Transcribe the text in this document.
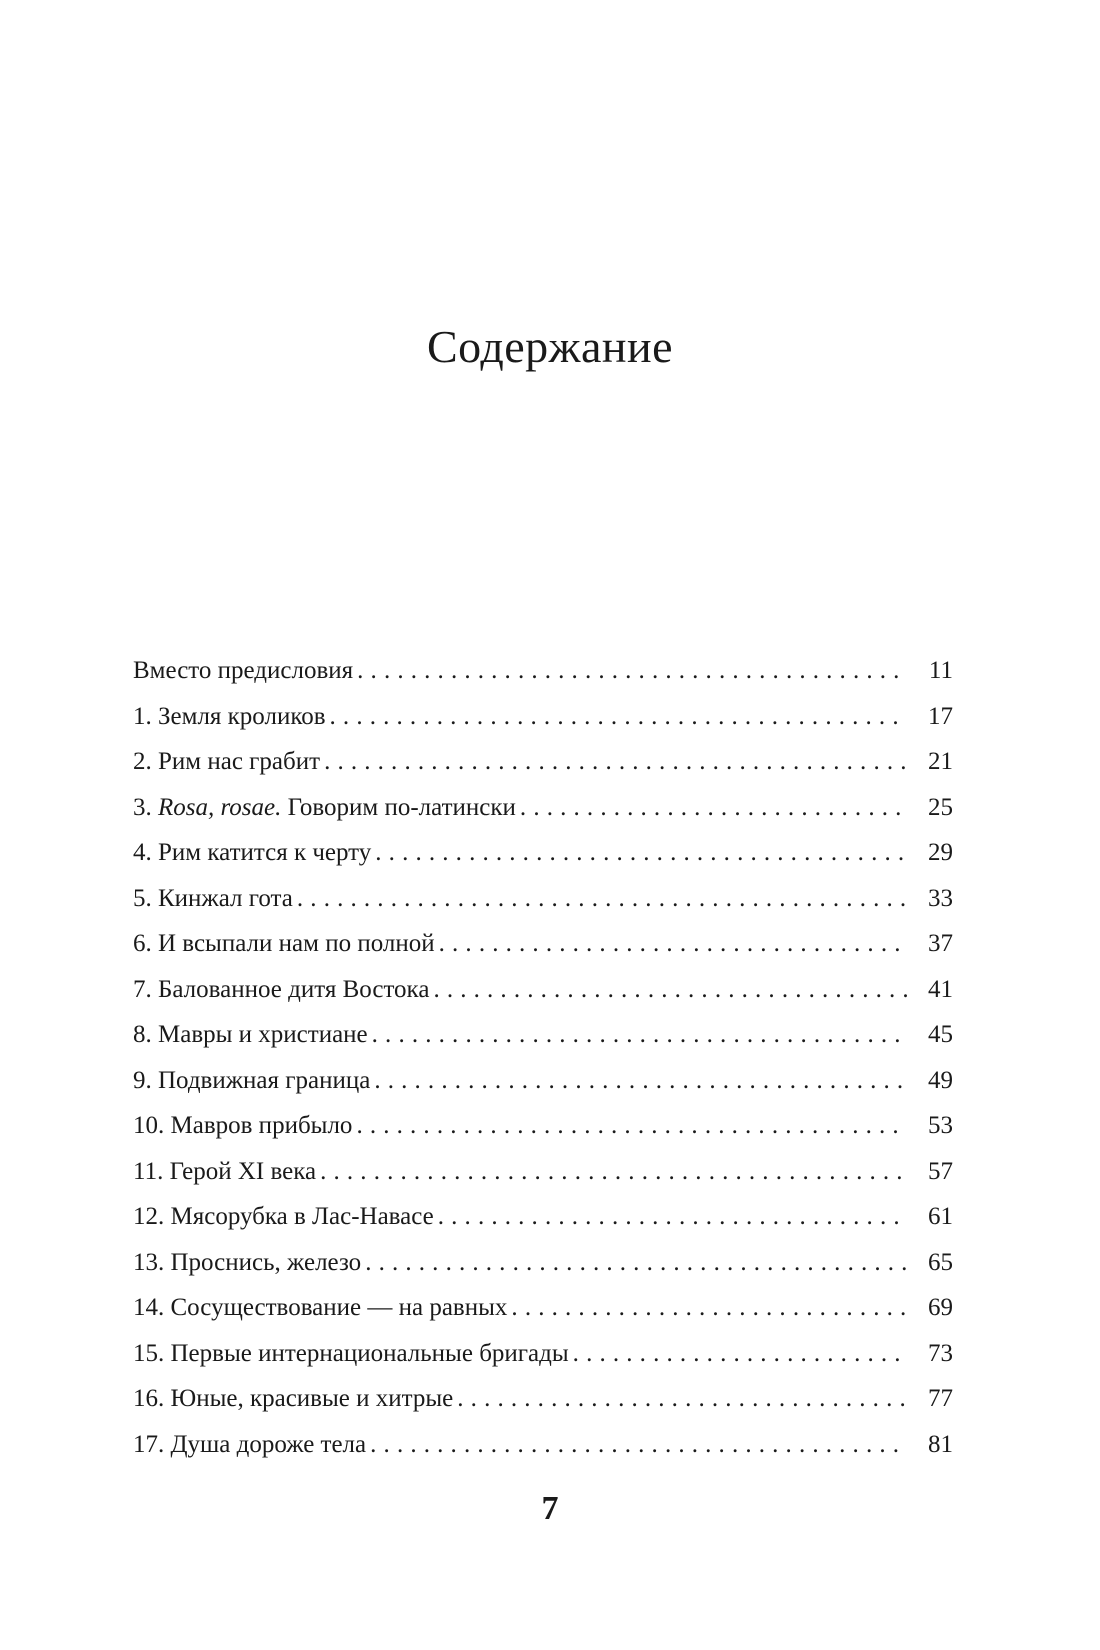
Содержание
Вместо предисловия . . .	11
1. Земля кроликов . . .	17
2. Рим нас грабит . . .	21
3. Rosa, rosae. Говорим по-латински . . .	25
4. Рим катится к черту . . .	29
5. Кинжал гота . . .	33
6. И всыпали нам по полной . . .	37
7. Балованное дитя Востока . . .	41
8. Мавры и христиане . . .	45
9. Подвижная граница . . .	49
10. Мавров прибыло . . .	53
11. Герой XI века . . .	57
12. Мясорубка в Лас-Навасе . . .	61
13. Проснись, железо . . .	65
14. Сосуществование — на равных . . .	69
15. Первые интернациональные бригады . . .	73
16. Юные, красивые и хитрые . . .	77
17. Душа дороже тела . . .	81
7
